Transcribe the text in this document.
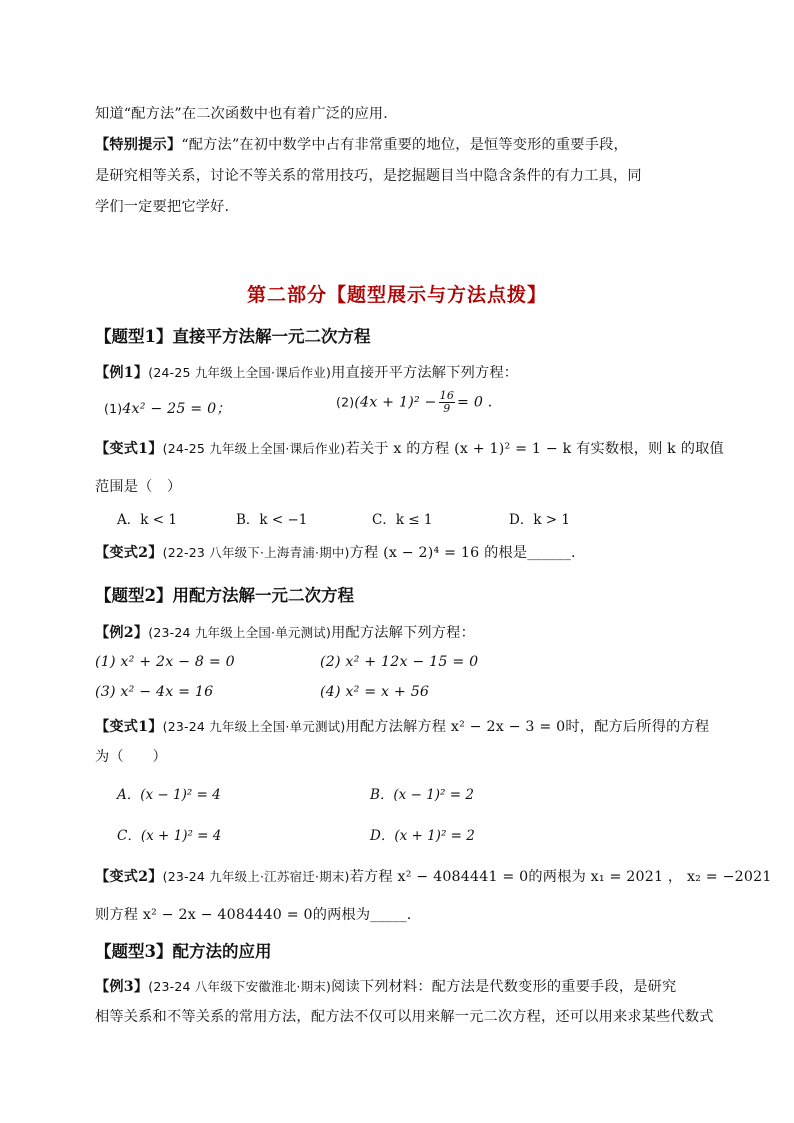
知道“配方法”在二次函数中也有着广泛的应用.
【特别提示】“配方法”在初中数学中占有非常重要的地位，是恒等变形的重要手段，
是研究相等关系，讨论不等关系的常用技巧，是挖掘题目当中隐含条件的有力工具，同
学们一定要把它学好.
第二部分【题型展示与方法点拨】
【题型1】直接平方法解一元二次方程
【例1】(24-25 九年级上全国·课后作业)用直接开平方法解下列方程：
(1)4x² − 25 = 0；	$(2)(4x + 1)^2 - \frac{16}{9} = 0$ .
【变式1】(24-25 九年级上全国·课后作业)若关于 x 的方程 (x + 1)² = 1 − k 有实数根，则 k 的取值
范围是（　）
A．k < 1	B．k < −1	C．k ≤ 1	D．k > 1
【变式2】(22-23 八年级下·上海青浦·期中)方程 (x − 2)⁴ = 16 的根是______.
【题型2】用配方法解一元二次方程
【例2】(23-24 九年级上全国·单元测试)用配方法解下列方程：
(1) x² + 2x − 8 = 0	(2) x² + 12x − 15 = 0
(3) x² − 4x = 16	(4) x² = x + 56
【变式1】(23-24 九年级上全国·单元测试)用配方法解方程 x² − 2x − 3 = 0时，配方后所得的方程
为（　　）
A．(x − 1)² = 4	B．(x − 1)² = 2
C．(x + 1)² = 4	D．(x + 1)² = 2
【变式2】(23-24 九年级上·江苏宿迁·期末)若方程 x² − 4084441 = 0的两根为 x₁ = 2021 ， x₂ = −2021
则方程 x² − 2x − 4084440 = 0的两根为_____.
【题型3】配方法的应用
【例3】(23-24 八年级下安徽淮北·期末)阅读下列材料：配方法是代数变形的重要手段，是研究
相等关系和不等关系的常用方法，配方法不仅可以用来解一元二次方程，还可以用来求某些代数式
